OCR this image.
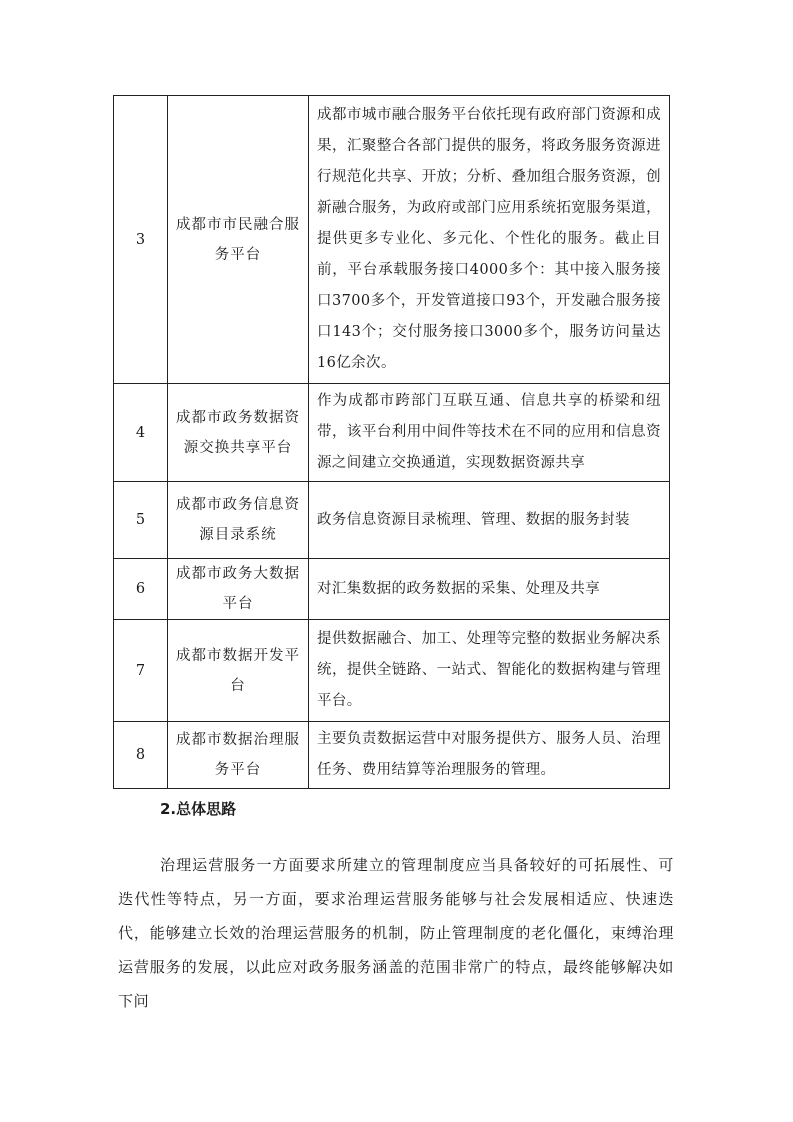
3	成都市市民融合服务平台	成都市城市融合服务平台依托现有政府部门资源和成果，汇聚整合各部门提供的服务，将政务服务资源进行规范化共享、开放；分析、叠加组合服务资源，创新融合服务，为政府或部门应用系统拓宽服务渠道，提供更多专业化、多元化、个性化的服务。截止目前，平台承载服务接口4000多个：其中接入服务接口3700多个，开发管道接口93个，开发融合服务接口143个；交付服务接口3000多个，服务访问量达16亿余次。
4	成都市政务数据资源交换共享平台	作为成都市跨部门互联互通、信息共享的桥梁和纽带，该平台利用中间件等技术在不同的应用和信息资源之间建立交换通道，实现数据资源共享
5	成都市政务信息资源目录系统	政务信息资源目录梳理、管理、数据的服务封装
6	成都市政务大数据平台	对汇集数据的政务数据的采集、处理及共享
7	成都市数据开发平台	提供数据融合、加工、处理等完整的数据业务解决系统，提供全链路、一站式、智能化的数据构建与管理平台。
8	成都市数据治理服务平台	主要负责数据运营中对服务提供方、服务人员、治理任务、费用结算等治理服务的管理。
2.总体思路

治理运营服务一方面要求所建立的管理制度应当具备较好的可拓展性、可迭代性等特点，另一方面，要求治理运营服务能够与社会发展相适应、快速迭代，能够建立长效的治理运营服务的机制，防止管理制度的老化僵化，束缚治理运营服务的发展，以此应对政务服务涵盖的范围非常广的特点，最终能够解决如下问
